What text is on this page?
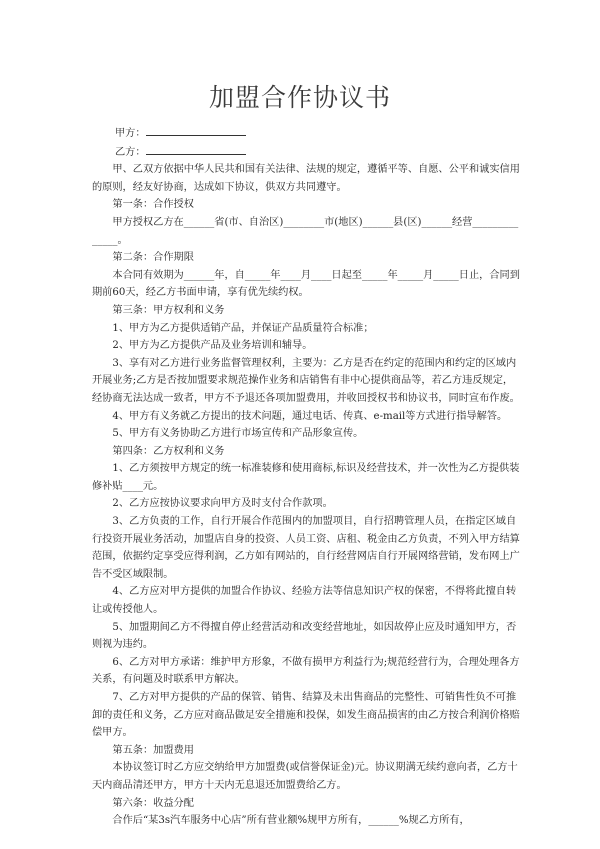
加盟合作协议书

甲方：

乙方：

甲、乙双方依据中华人民共和国有关法律、法规的规定，遵循平等、自愿、公平和诚实信用的原则，经友好协商，达成如下协议，供双方共同遵守。

第一条：合作授权

甲方授权乙方在______省(市、自治区)________市(地区)______县(区)______经营______________。

第二条：合作期限

本合同有效期为______年，自_____年____月____日起至_____年_____月_____日止，合同到期前60天，经乙方书面申请，享有优先续约权。

第三条：甲方权利和义务

1、甲方为乙方提供适销产品，并保证产品质量符合标准；

2、甲方为乙方提供产品及业务培训和辅导。

3、享有对乙方进行业务监督管理权利，主要为：乙方是否在约定的范围内和约定的区域内开展业务;乙方是否按加盟要求规范操作业务和店销售有非中心提供商品等，若乙方违反规定，经协商无法达成一致者，甲方不予退还各项加盟费用，并收回授权书和协议书，同时宣布作废。

4、甲方有义务就乙方提出的技术问题，通过电话、传真、e-mail等方式进行指导解答。

5、甲方有义务协助乙方进行市场宣传和产品形象宣传。

第四条：乙方权利和义务

1、乙方须按甲方规定的统一标准装修和使用商标,标识及经营技术，并一次性为乙方提供装修补贴____元。

2、乙方应按协议要求向甲方及时支付合作款项。

3、乙方负责的工作，自行开展合作范围内的加盟项目，自行招聘管理人员，在指定区域自行投资开展业务活动，加盟店自身的投资、人员工资、店租、税金由乙方负责，不列入甲方结算范围，依据约定享受应得利润，乙方如有网站的，自行经营网店自行开展网络营销，发布网上广告不受区域限制。

4、乙方应对甲方提供的加盟合作协议、经验方法等信息知识产权的保密，不得将此擅自转让或传授他人。

5、加盟期间乙方不得擅自停止经营活动和改变经营地址，如因故停止应及时通知甲方，否则视为违约。

6、乙方对甲方承诺：维护甲方形象，不做有损甲方利益行为;规范经营行为，合理处理各方关系，有问题及时联系甲方解决。

7、乙方对甲方提供的产品的保管、销售、结算及未出售商品的完整性、可销售性负不可推卸的责任和义务，乙方应对商品做足安全措施和投保，如发生商品损害的由乙方按合利润价格赔偿甲方。

第五条：加盟费用

本协议签订时乙方应交纳给甲方加盟费(或信誉保证金)元。协议期满无续约意向者，乙方十天内商品清还甲方，甲方十天内无息退还加盟费给乙方。

第六条：收益分配

合作后“某3s汽车服务中心店”所有营业额%规甲方所有，______%规乙方所有，
